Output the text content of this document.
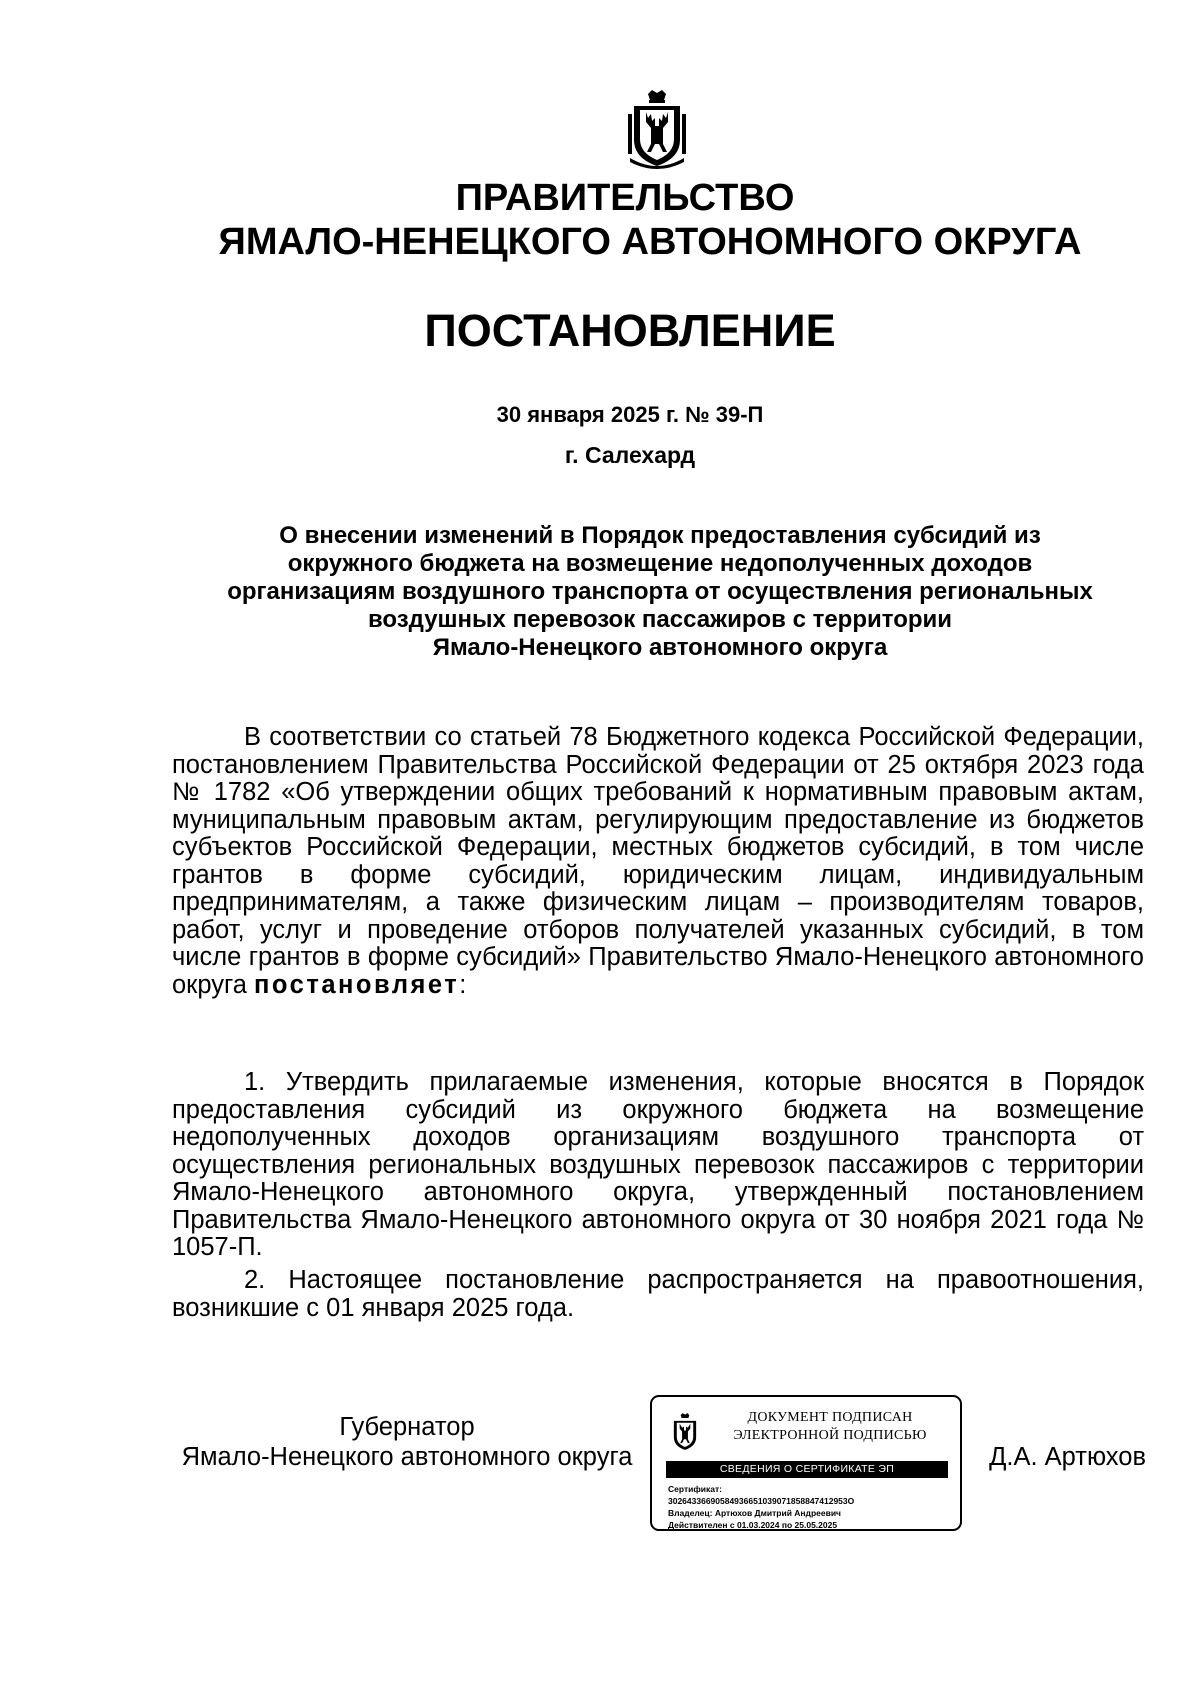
ПРАВИТЕЛЬСТВО
ЯМАЛО-НЕНЕЦКОГО АВТОНОМНОГО ОКРУГА
ПОСТАНОВЛЕНИЕ
30 января 2025 г. № 39-П
г. Салехард
О внесении изменений в Порядок предоставления субсидий из
окружного бюджета на возмещение недополученных доходов
организациям воздушного транспорта от осуществления региональных
воздушных перевозок пассажиров с территории
Ямало-Ненецкого автономного округа
В соответствии со статьей 78 Бюджетного кодекса Российской Федерации, постановлением Правительства Российской Федерации от 25 октября 2023 года № 1782 «Об утверждении общих требований к нормативным правовым актам, муниципальным правовым актам, регулирующим предоставление из бюджетов субъектов Российской Федерации, местных бюджетов субсидий, в том числе грантов в форме субсидий, юридическим лицам, индивидуальным предпринимателям, а также физическим лицам – производителям товаров, работ, услуг и проведение отборов получателей указанных субсидий, в том числе грантов в форме субсидий» Правительство Ямало-Ненецкого автономного округа постановляет:
1. Утвердить прилагаемые изменения, которые вносятся в Порядок предоставления субсидий из окружного бюджета на возмещение недополученных доходов организациям воздушного транспорта от осуществления региональных воздушных перевозок пассажиров с территории Ямало-Ненецкого автономного округа, утвержденный постановлением Правительства Ямало-Ненецкого автономного округа от 30 ноября 2021 года № 1057-П.
2. Настоящее постановление распространяется на правоотношения, возникшие с 01 января 2025 года.
Губернатор
Ямало-Ненецкого автономного округа
ДОКУМЕНТ ПОДПИСАН
ЭЛЕКТРОННОЙ ПОДПИСЬЮ
СВЕДЕНИЯ О СЕРТИФИКАТЕ ЭП
Сертификат:
30264336690584936651039071858847412953О
Владелец: Артюхов Дмитрий Андреевич
Действителен с 01.03.2024 по 25.05.2025
Д.А. Артюхов
